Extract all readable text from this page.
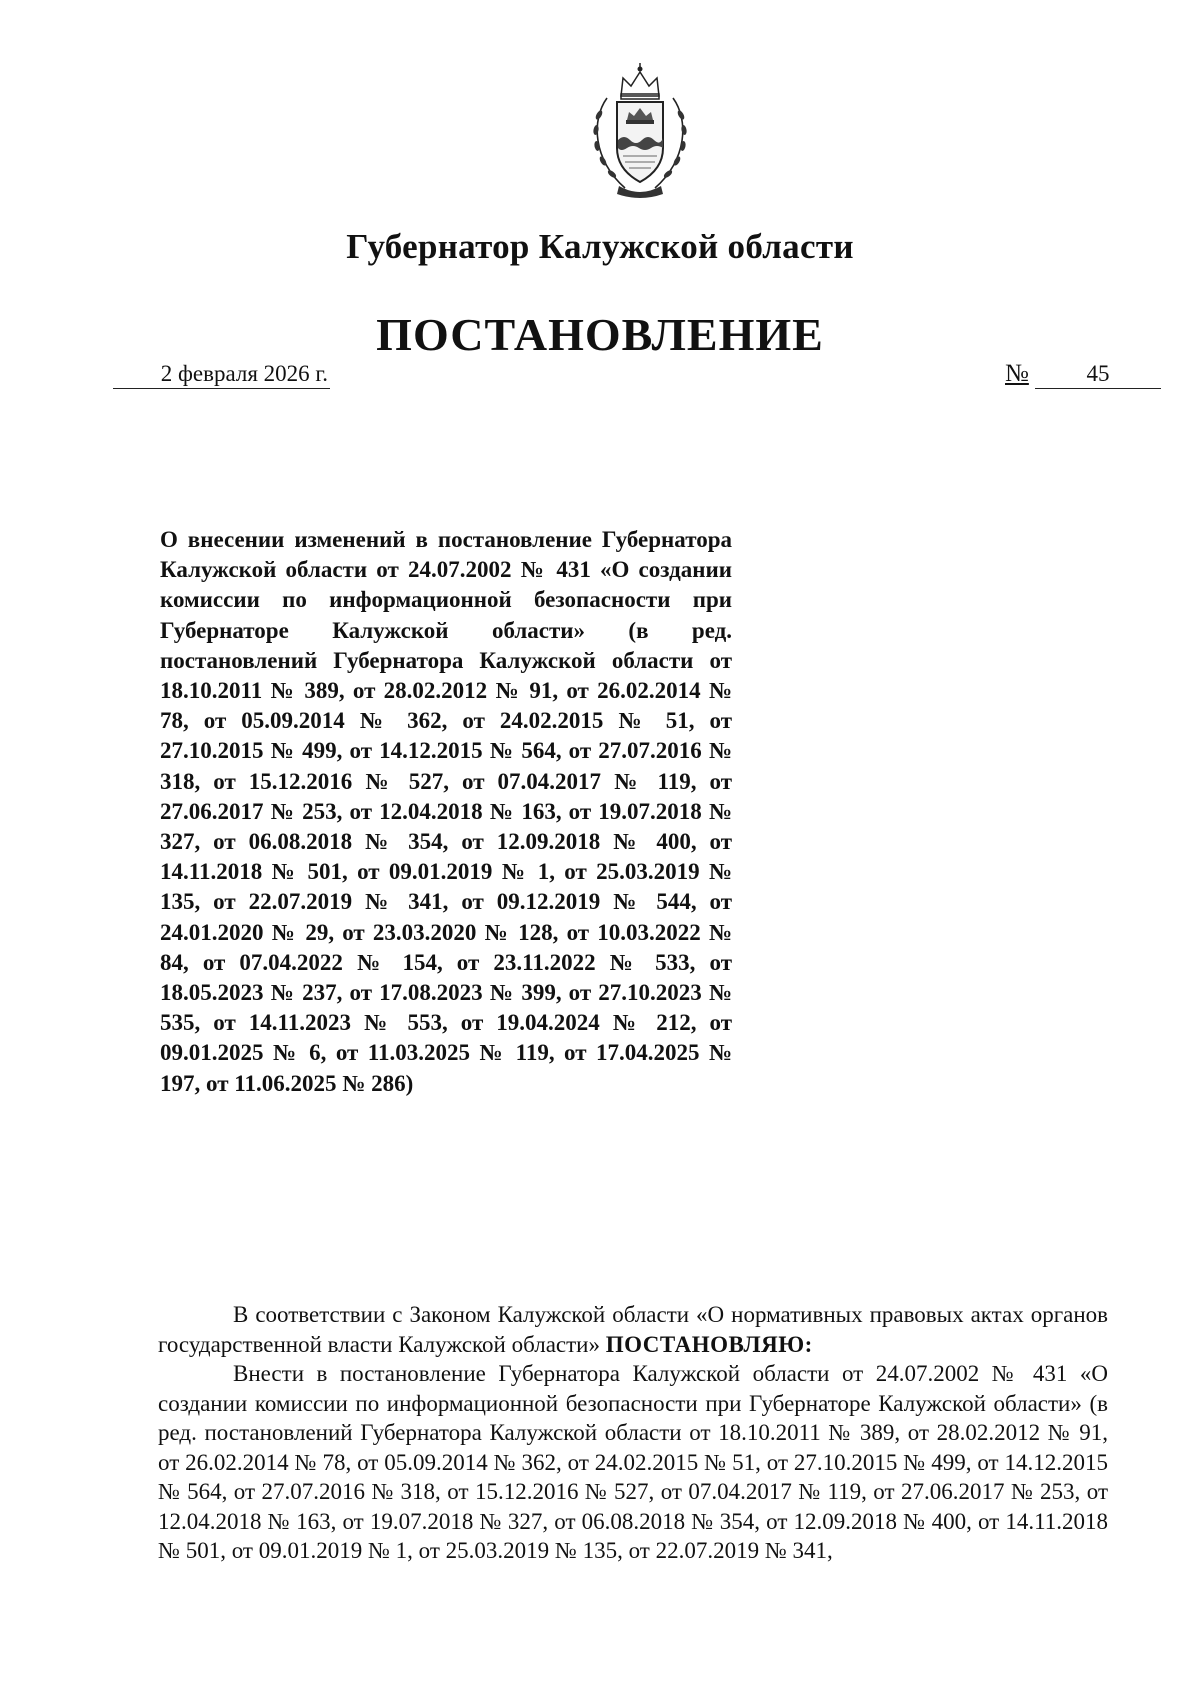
Губернатор Калужской области
ПОСТАНОВЛЕНИЕ
2 февраля 2026 г.	№	45
О внесении изменений в постановление Губернатора Калужской области от 24.07.2002 № 431 «О создании комиссии по информационной безопасности при Губернаторе Калужской области» (в ред. постановлений Губернатора Калужской области от 18.10.2011 № 389, от 28.02.2012 № 91, от 26.02.2014 № 78, от 05.09.2014 № 362, от 24.02.2015 № 51, от 27.10.2015 № 499, от 14.12.2015 № 564, от 27.07.2016 № 318, от 15.12.2016 № 527, от 07.04.2017 № 119, от 27.06.2017 № 253, от 12.04.2018 № 163, от 19.07.2018 № 327, от 06.08.2018 № 354, от 12.09.2018 № 400, от 14.11.2018 № 501, от 09.01.2019 № 1, от 25.03.2019 № 135, от 22.07.2019 № 341, от 09.12.2019 № 544, от 24.01.2020 № 29, от 23.03.2020 № 128, от 10.03.2022 № 84, от 07.04.2022 № 154, от 23.11.2022 № 533, от 18.05.2023 № 237, от 17.08.2023 № 399, от 27.10.2023 № 535, от 14.11.2023 № 553, от 19.04.2024 № 212, от 09.01.2025 № 6, от 11.03.2025 № 119, от 17.04.2025 № 197, от 11.06.2025 № 286)

В соответствии с Законом Калужской области «О нормативных правовых актах органов государственной власти Калужской области» ПОСТАНОВЛЯЮ:

Внести в постановление Губернатора Калужской области от 24.07.2002 № 431 «О создании комиссии по информационной безопасности при Губернаторе Калужской области» (в ред. постановлений Губернатора Калужской области от 18.10.2011 № 389, от 28.02.2012 № 91, от 26.02.2014 № 78, от 05.09.2014 № 362, от 24.02.2015 № 51, от 27.10.2015 № 499, от 14.12.2015 № 564, от 27.07.2016 № 318, от 15.12.2016 № 527, от 07.04.2017 № 119, от 27.06.2017 № 253, от 12.04.2018 № 163, от 19.07.2018 № 327, от 06.08.2018 № 354, от 12.09.2018 № 400, от 14.11.2018 № 501, от 09.01.2019 № 1, от 25.03.2019 № 135, от 22.07.2019 № 341,
